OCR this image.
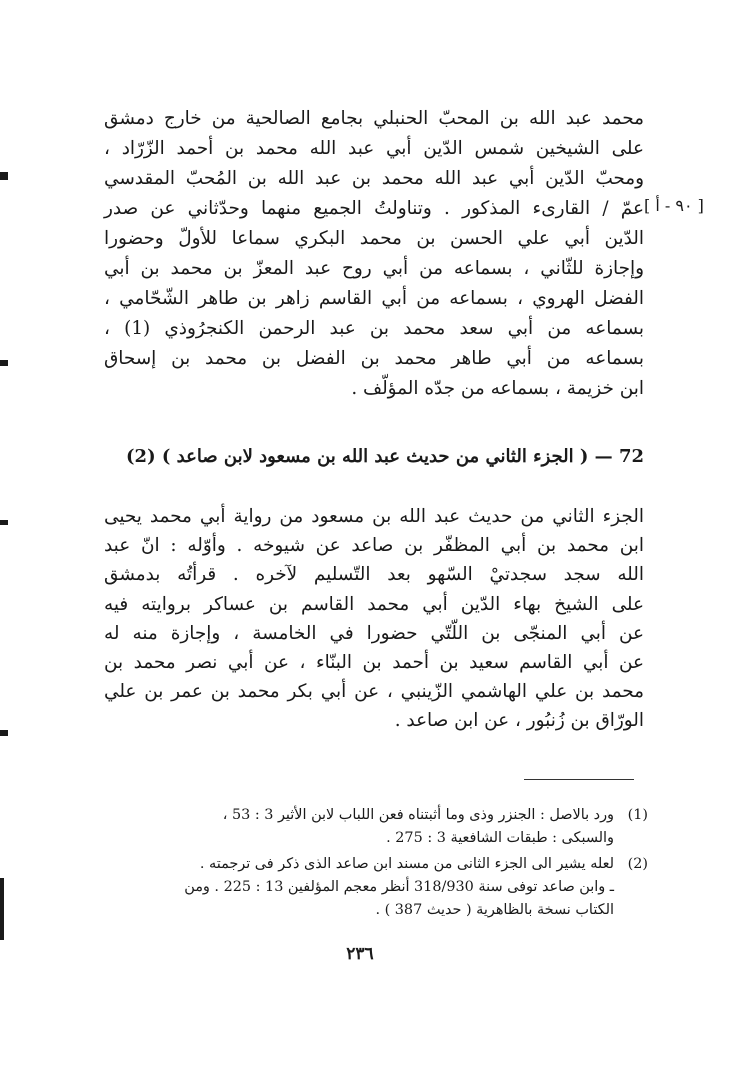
محمد عبد الله بن المحبّ الحنبلي بجامع الصالحية من خارج دمشق
على الشيخين شمس الدّين أبي عبد الله محمد بن أحمد الزّرّاد ،
ومحبّ الدّين أبي عبد الله محمد بن عبد الله بن المُحبّ المقدسي
عمّ / القارىء المذكور . وتناولتُ الجميع منهما وحدّثاني عن صدر
الدّين أبي علي الحسن بن محمد البكري سماعا للأولّ وحضورا
وإجازة للثّاني ، بسماعه من أبي روح عبد المعزّ بن محمد بن أبي
الفضل الهروي ، بسماعه من أبي القاسم زاهر بن طاهر الشّحّامي ،
بسماعه من أبي سعد محمد بن عبد الرحمن الكنجرُوذي (1) ،
بسماعه من أبي طاهر محمد بن الفضل بن محمد بن إسحاق
ابن خزيمة ، بسماعه من جدّه المؤلّف .
[ ٩٠ - أ ]
72 — ( الجزء الثاني من حديث عبد الله بن مسعود لابن صاعد ) (2)
الجزء الثاني من حديث عبد الله بن مسعود من رواية أبي محمد يحيى
ابن محمد بن أبي المظفّر بن صاعد عن شيوخه . وأوّله : انّ عبد
الله سجد سجدتيْ السّهو بعد التّسليم لآخره . قرأتُه بدمشق
على الشيخ بهاء الدّين أبي محمد القاسم بن عساكر بروايته فيه
عن أبي المنجّى بن اللّتّي حضورا في الخامسة ، وإجازة منه له
عن أبي القاسم سعيد بن أحمد بن البنّاء ، عن أبي نصر محمد بن
محمد بن علي الهاشمي الزّينبي ، عن أبي بكر محمد بن عمر بن علي
الورّاق بن زُنبُور ، عن ابن صاعد .
(1)
ورد بالاصل : الجنزر وذى وما أثبتناه فعن اللباب لابن الأثير 3 : 53 ،
والسبكى : طبقات الشافعية 3 : 275 .
(2)
لعله يشير الى الجزء الثانى من مسند ابن صاعد الذى ذكر فى ترجمته .
ـ وابن صاعد توفى سنة 318/930 أنظر معجم المؤلفين 13 : 225 . ومن
الكتاب نسخة بالظاهرية ( حديث 387 ) .
٢٣٦
